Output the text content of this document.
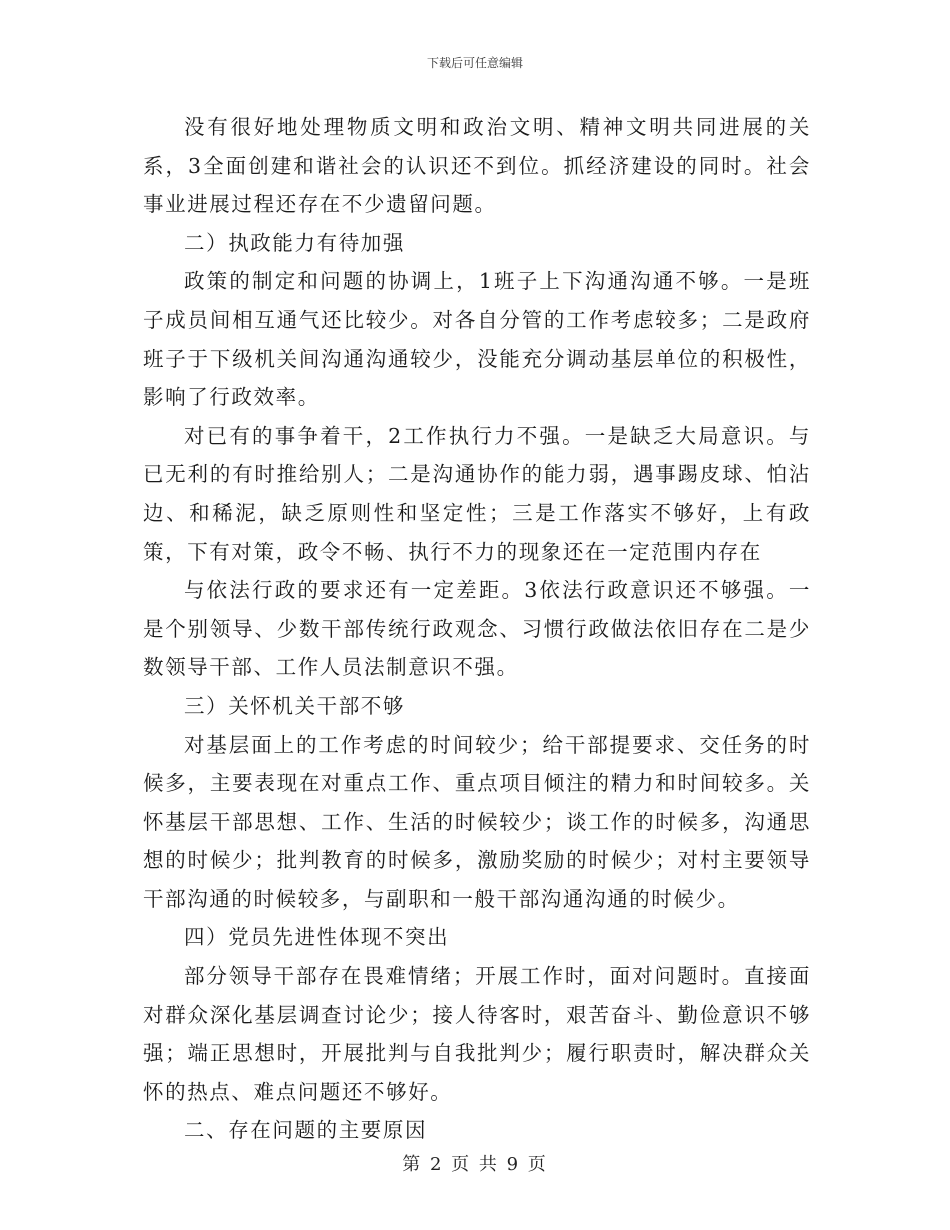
下载后可任意编辑

没有很好地处理物质文明和政治文明、精神文明共同进展的关系，3全面创建和谐社会的认识还不到位。抓经济建设的同时。社会事业进展过程还存在不少遗留问题。

二）执政能力有待加强

政策的制定和问题的协调上，1班子上下沟通沟通不够。一是班子成员间相互通气还比较少。对各自分管的工作考虑较多；二是政府班子于下级机关间沟通沟通较少，没能充分调动基层单位的积极性，影响了行政效率。

对已有的事争着干，2工作执行力不强。一是缺乏大局意识。与已无利的有时推给别人；二是沟通协作的能力弱，遇事踢皮球、怕沾边、和稀泥，缺乏原则性和坚定性；三是工作落实不够好，上有政策，下有对策，政令不畅、执行不力的现象还在一定范围内存在

与依法行政的要求还有一定差距。3依法行政意识还不够强。一是个别领导、少数干部传统行政观念、习惯行政做法依旧存在二是少数领导干部、工作人员法制意识不强。

三）关怀机关干部不够

对基层面上的工作考虑的时间较少；给干部提要求、交任务的时候多，主要表现在对重点工作、重点项目倾注的精力和时间较多。关怀基层干部思想、工作、生活的时候较少；谈工作的时候多，沟通思想的时候少；批判教育的时候多，激励奖励的时候少；对村主要领导干部沟通的时候较多，与副职和一般干部沟通沟通的时候少。

四）党员先进性体现不突出

部分领导干部存在畏难情绪；开展工作时，面对问题时。直接面对群众深化基层调查讨论少；接人待客时，艰苦奋斗、勤俭意识不够强；端正思想时，开展批判与自我批判少；履行职责时，解决群众关怀的热点、难点问题还不够好。

二、存在问题的主要原因

第 2 页 共 9 页
